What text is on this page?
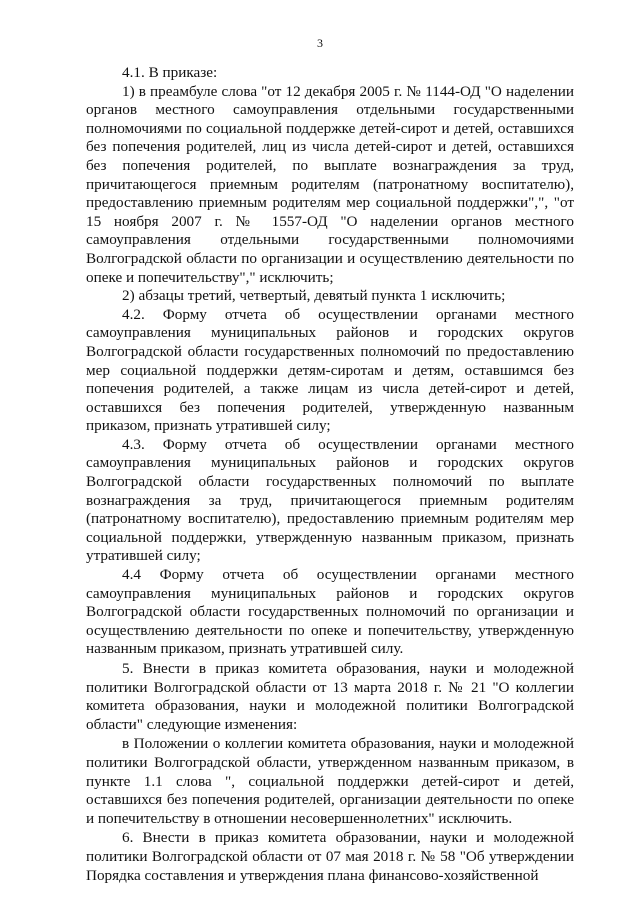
3

4.1. В приказе:

1) в преамбуле слова "от 12 декабря 2005 г. № 1144-ОД "О наделении органов местного самоуправления отдельными государственными полномочиями по социальной поддержке детей-сирот и детей, оставшихся без попечения родителей, лиц из числа детей-сирот и детей, оставшихся без попечения родителей, по выплате вознаграждения за труд, причитающегося приемным родителям (патронатному воспитателю), предоставлению приемным родителям мер социальной поддержки",", "от 15 ноября 2007 г. № 1557-ОД "О наделении органов местного самоуправления отдельными государственными полномочиями Волгоградской области по организации и осуществлению деятельности по опеке и попечительству"," исключить;

2) абзацы третий, четвертый, девятый пункта 1 исключить;

4.2. Форму отчета об осуществлении органами местного самоуправления муниципальных районов и городских округов Волгоградской области государственных полномочий по предоставлению мер социальной поддержки детям-сиротам и детям, оставшимся без попечения родителей, а также лицам из числа детей-сирот и детей, оставшихся без попечения родителей, утвержденную названным приказом, признать утратившей силу;

4.3. Форму отчета об осуществлении органами местного самоуправления муниципальных районов и городских округов Волгоградской области государственных полномочий по выплате вознаграждения за труд, причитающегося приемным родителям (патронатному воспитателю), предоставлению приемным родителям мер социальной поддержки, утвержденную названным приказом, признать утратившей силу;

4.4 Форму отчета об осуществлении органами местного самоуправления муниципальных районов и городских округов Волгоградской области государственных полномочий по организации и осуществлению деятельности по опеке и попечительству, утвержденную названным приказом, признать утратившей силу.

5. Внести в приказ комитета образования, науки и молодежной политики Волгоградской области от 13 марта 2018 г. № 21 "О коллегии комитета образования, науки и молодежной политики Волгоградской области" следующие изменения:

в Положении о коллегии комитета образования, науки и молодежной политики Волгоградской области, утвержденном названным приказом, в пункте 1.1 слова ", социальной поддержки детей-сирот и детей, оставшихся без попечения родителей, организации деятельности по опеке и попечительству в отношении несовершеннолетних" исключить.

6. Внести в приказ комитета образовании, науки и молодежной политики Волгоградской области от 07 мая 2018 г. № 58 "Об утверждении Порядка составления и утверждения плана финансово-хозяйственной
